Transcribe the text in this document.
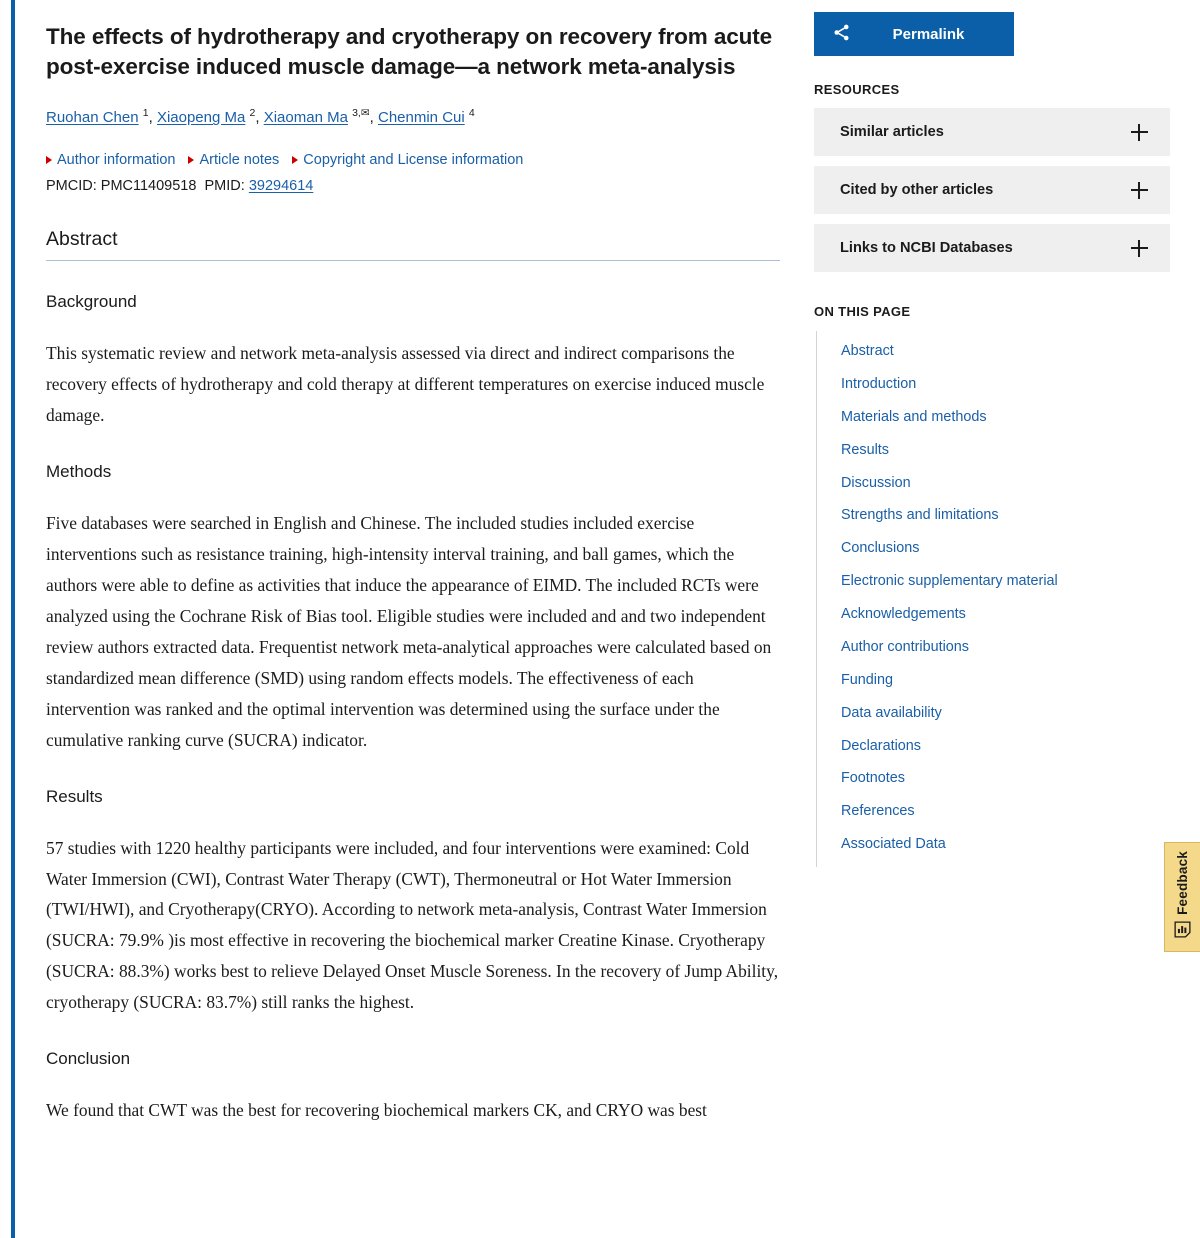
The effects of hydrotherapy and cryotherapy on recovery from acute post-exercise induced muscle damage—a network meta-analysis
Ruohan Chen $^1$, Xiaopeng Ma $^2$, Xiaoman Ma $^{3,✉}$, Chenmin Cui $^4$
Author information Article notes Copyright and License information
PMCID: PMC11409518 PMID: 39294614
Abstract
Background

This systematic review and network meta-analysis assessed via direct and indirect comparisons the recovery effects of hydrotherapy and cold therapy at different temperatures on exercise induced muscle damage.

Methods

Five databases were searched in English and Chinese. The included studies included exercise interventions such as resistance training, high-intensity interval training, and ball games, which the authors were able to define as activities that induce the appearance of EIMD. The included RCTs were analyzed using the Cochrane Risk of Bias tool. Eligible studies were included and and two independent review authors extracted data. Frequentist network meta-analytical approaches were calculated based on standardized mean difference (SMD) using random effects models. The effectiveness of each intervention was ranked and the optimal intervention was determined using the surface under the cumulative ranking curve (SUCRA) indicator.

Results

57 studies with 1220 healthy participants were included, and four interventions were examined: Cold Water Immersion (CWI), Contrast Water Therapy (CWT), Thermoneutral or Hot Water Immersion (TWI/HWI), and Cryotherapy(CRYO). According to network meta-analysis, Contrast Water Immersion (SUCRA: 79.9% )is most effective in recovering the biochemical marker Creatine Kinase. Cryotherapy (SUCRA: 88.3%) works best to relieve Delayed Onset Muscle Soreness. In the recovery of Jump Ability, cryotherapy (SUCRA: 83.7%) still ranks the highest.

Conclusion

We found that CWT was the best for recovering biochemical markers CK, and CRYO was best

Permalink
RESOURCES
Similar articles
Cited by other articles
Links to NCBI Databases
ON THIS PAGE
Abstract
Introduction
Materials and methods
Results
Discussion
Strengths and limitations
Conclusions
Electronic supplementary material
Acknowledgements
Author contributions
Funding
Data availability
Declarations
Footnotes
References
Associated Data
Feedback
